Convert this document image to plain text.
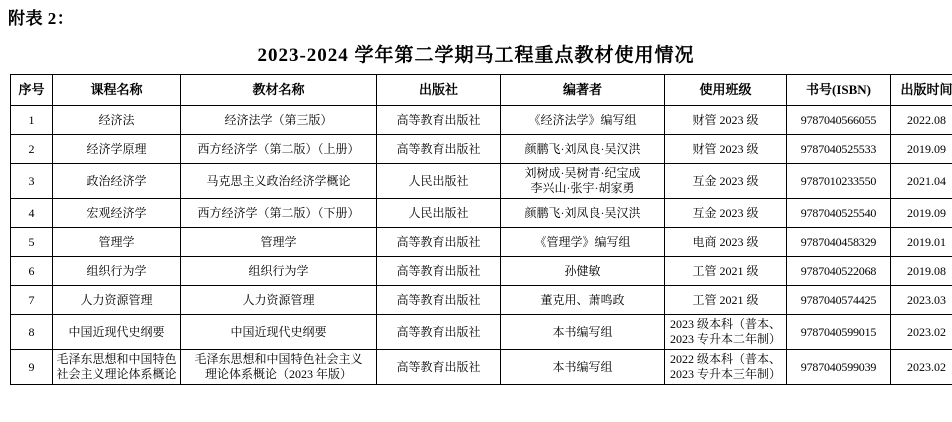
附表 2：
2023-2024 学年第二学期马工程重点教材使用情况
序号	课程名称	教材名称	出版社	编著者	使用班级	书号(ISBN)	出版时间
1	经济法	经济法学（第三版）	高等教育出版社	《经济法学》编写组	财管 2023 级	9787040566055	2022.08
2	经济学原理	西方经济学（第二版）（上册）	高等教育出版社	颜鹏飞·刘凤良·吴汉洪	财管 2023 级	9787040525533	2019.09
3	政治经济学	马克思主义政治经济学概论	人民出版社	刘树成·吴树青·纪宝成
李兴山·张宇·胡家勇	互金 2023 级	9787010233550	2021.04
4	宏观经济学	西方经济学（第二版）（下册）	人民出版社	颜鹏飞·刘凤良·吴汉洪	互金 2023 级	9787040525540	2019.09
5	管理学	管理学	高等教育出版社	《管理学》编写组	电商 2023 级	9787040458329	2019.01
6	组织行为学	组织行为学	高等教育出版社	孙健敏	工管 2021 级	9787040522068	2019.08
7	人力资源管理	人力资源管理	高等教育出版社	董克用、萧鸣政	工管 2021 级	9787040574425	2023.03
8	中国近现代史纲要	中国近现代史纲要	高等教育出版社	本书编写组	2023 级本科（普本、
2023 专升本二年制）	9787040599015	2023.02
9	毛泽东思想和中国特色
社会主义理论体系概论	毛泽东思想和中国特色社会主义
理论体系概论（2023 年版）	高等教育出版社	本书编写组	2022 级本科（普本、
2023 专升本三年制）	9787040599039	2023.02
